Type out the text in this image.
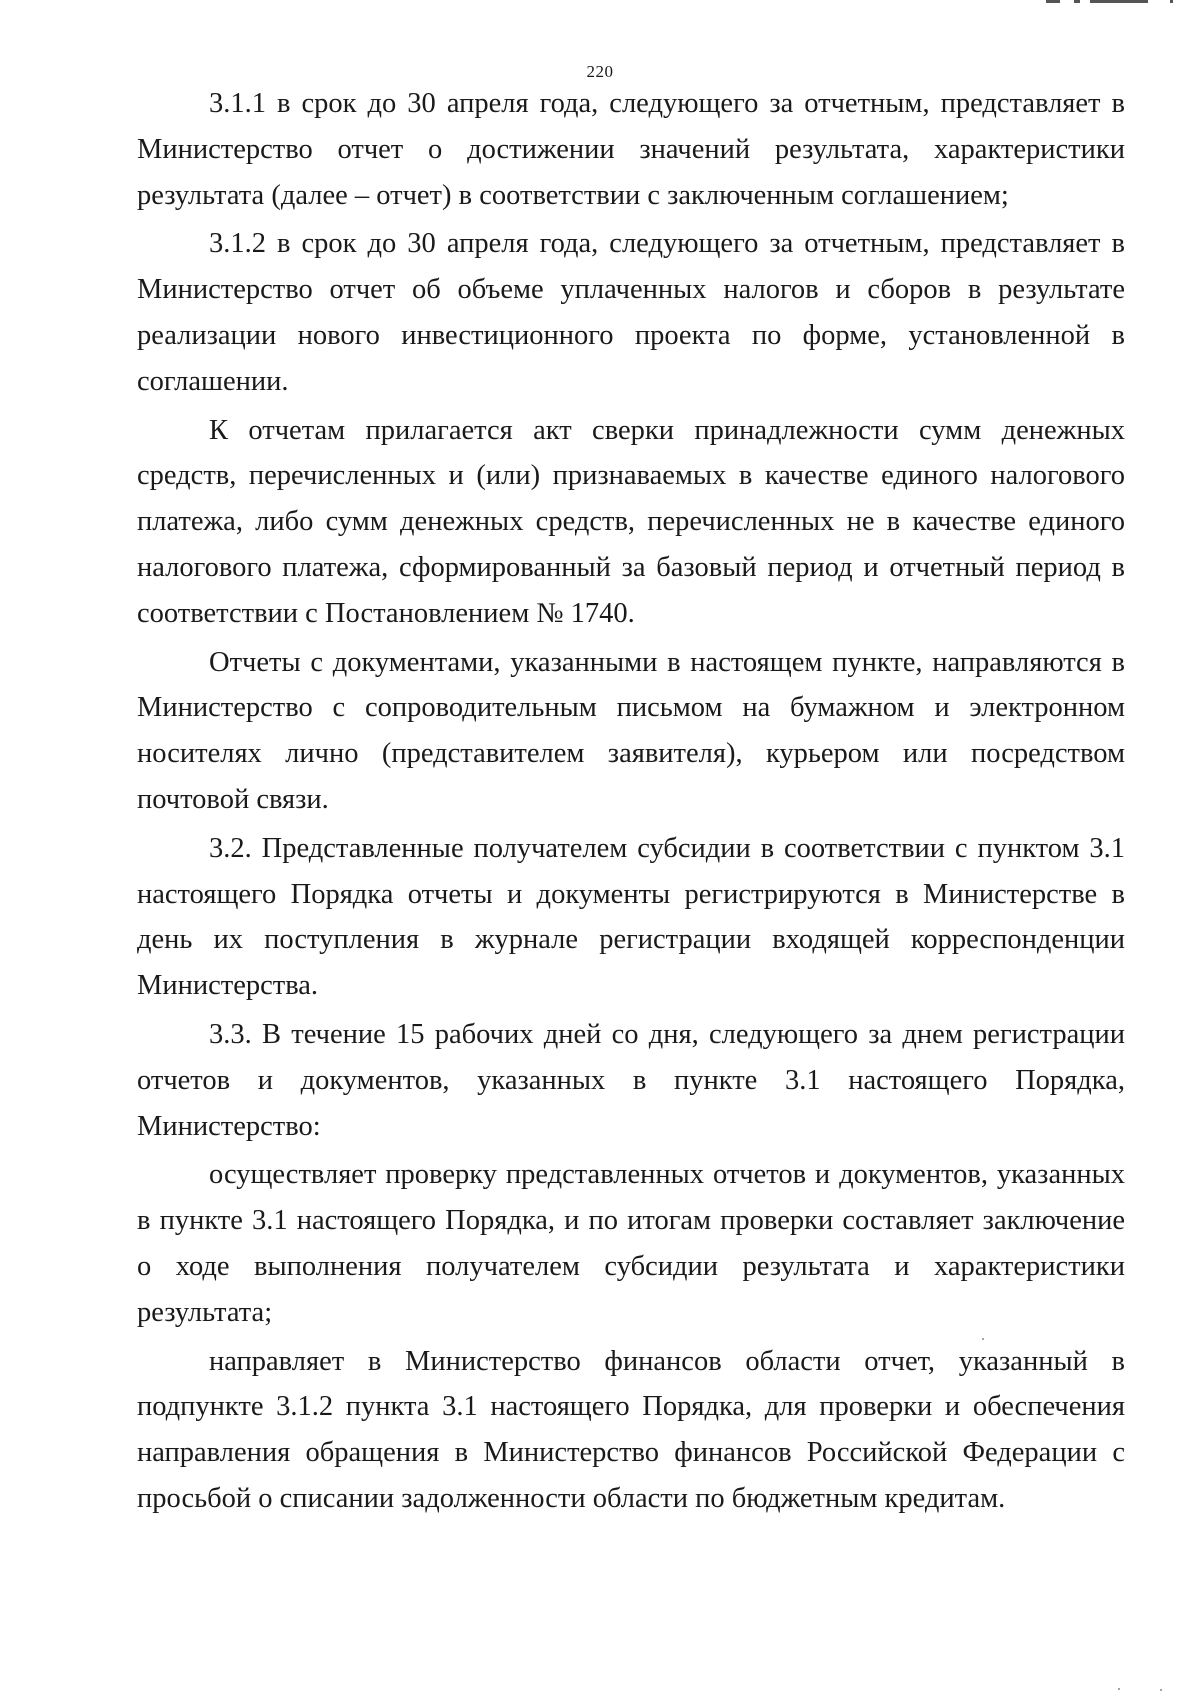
220

3.1.1 в срок до 30 апреля года, следующего за отчетным, представляет в Министерство отчет о достижении значений результата, характеристики результата (далее – отчет) в соответствии с заключенным соглашением;

3.1.2 в срок до 30 апреля года, следующего за отчетным, представляет в Министерство отчет об объеме уплаченных налогов и сборов в результате реализации нового инвестиционного проекта по форме, установленной в соглашении.

К отчетам прилагается акт сверки принадлежности сумм денежных средств, перечисленных и (или) признаваемых в качестве единого налогового платежа, либо сумм денежных средств, перечисленных не в качестве единого налогового платежа, сформированный за базовый период и отчетный период в соответствии с Постановлением № 1740.

Отчеты с документами, указанными в настоящем пункте, направляются в Министерство с сопроводительным письмом на бумажном и электронном носителях лично (представителем заявителя), курьером или посредством почтовой связи.

3.2. Представленные получателем субсидии в соответствии с пунктом 3.1 настоящего Порядка отчеты и документы регистрируются в Министерстве в день их поступления в журнале регистрации входящей корреспонденции Министерства.

3.3. В течение 15 рабочих дней со дня, следующего за днем регистрации отчетов и документов, указанных в пункте 3.1 настоящего Порядка, Министерство:

осуществляет проверку представленных отчетов и документов, указанных в пункте 3.1 настоящего Порядка, и по итогам проверки составляет заключение о ходе выполнения получателем субсидии результата и характеристики результата;

направляет в Министерство финансов области отчет, указанный в подпункте 3.1.2 пункта 3.1 настоящего Порядка, для проверки и обеспечения направления обращения в Министерство финансов Российской Федерации с просьбой о списании задолженности области по бюджетным кредитам.
